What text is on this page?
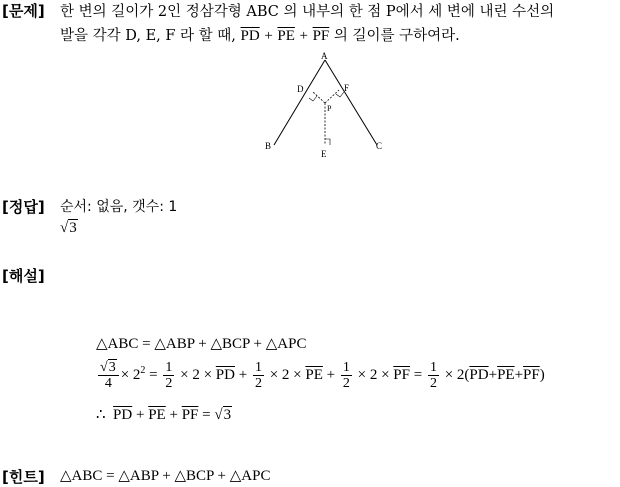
[문제] 한 변의 길이가 2인 정삼각형 ABC 의 내부의 한 점 P에서 세 변에 내린 수선의
발을 각각 D, E, F 라 할 때, $\overline{PD} + \overline{PE} + \overline{PF}$ 의 길이를 구하여라.
A
B	C
D	F
P
E
[정답] 순서: 없음, 갯수: 1
√3
[해설]
△ABC = △ABP + △BCP + △APC
$\frac{√3}{4} \times 2^2 = \frac{1}{2} \times 2 \times \overline{PD} + \frac{1}{2} \times 2 \times \overline{PE} + \frac{1}{2} \times 2 \times \overline{PF} = \frac{1}{2} \times 2(\overline{PD}+\overline{PE}+\overline{PF})$
∴ $\overline{PD} + \overline{PE} + \overline{PF} = √3$
[힌트] △ABC = △ABP + △BCP + △APC
